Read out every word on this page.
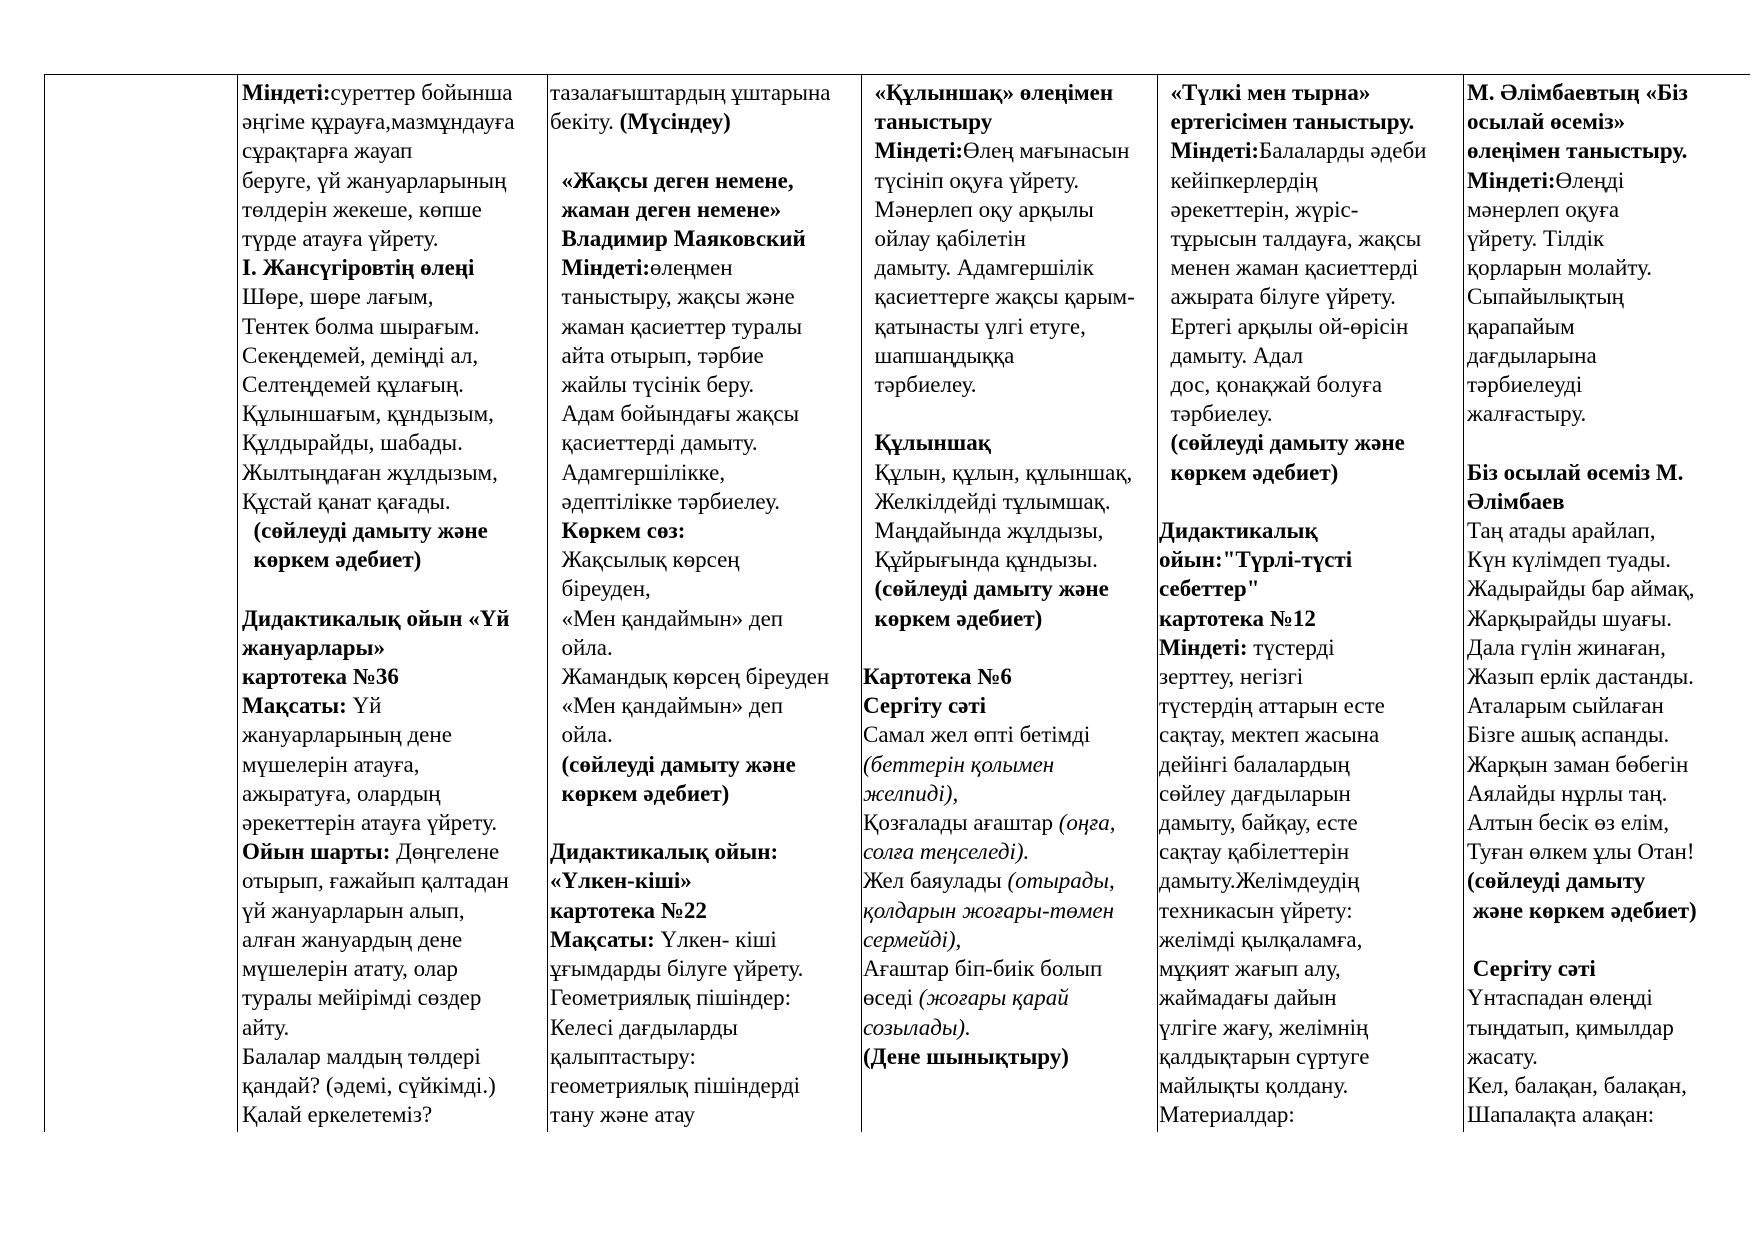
Міндеті:суреттер бойынша
әңгіме құрауға,мазмұндауға
сұрақтарға жауап
беруге, үй жануарларының
төлдерін жекеше, көпше
түрде атауға үйрету.
І. Жансүгіровтің өлеңі
Шөре, шөре лағым,
Тентек болма шырағым.
Секеңдемей, деміңді ал,
Селтеңдемей құлағың.
Құлыншағым, құндызым,
Құлдырайды, шабады.
Жылтыңдаған жұлдызым,
Құстай қанат қағады.
(сөйлеуді дамыту және
көркем әдебиет)

Дидактикалық ойын «Үй
жануарлары»
картотека №36
Мақсаты: Үй
жануарларының дене
мүшелерін атауға,
ажыратуға, олардың
әрекеттерін атауға үйрету.
Ойын шарты: Дөңгелене
отырып, ғажайып қалтадан
үй жануарларын алып,
алған жануардың дене
мүшелерін атату, олар
туралы мейірімді сөздер
айту.
Балалар малдың төлдері
қандай? (әдемі, сүйкімді.)
Қалай еркелетеміз?
тазалағыштардың ұштарына
бекіту. (Мүсіндеу)

«Жақсы деген немене,
жаман деген немене»
Владимир Маяковский
Міндеті:өлеңмен
таныстыру, жақсы және
жаман қасиеттер туралы
айта отырып, тәрбие
жайлы түсінік беру.
Адам бойындағы жақсы
қасиеттерді дамыту.
Адамгершілікке,
әдептілікке тәрбиелеу.
Көркем сөз:
Жақсылық көрсең
біреуден,
«Мен қандаймын» деп
ойла.
Жамандық көрсең біреуден
«Мен қандаймын» деп
ойла.
(сөйлеуді дамыту және
көркем әдебиет)

Дидактикалық ойын:
«Үлкен-кіші»
картотека №22
Мақсаты: Үлкен- кіші
ұғымдарды білуге үйрету.
Геометриялық пішіндер:
Келесі дағдыларды
қалыптастыру:
геометриялық пішіндерді
тану және атау
«Құлыншақ» өлеңімен
таныстыру
Міндеті:Өлең мағынасын
түсініп оқуға үйрету.
Мәнерлеп оқу арқылы
ойлау қабілетін
дамыту. Адамгершілік
қасиеттерге жақсы қарым-
қатынасты үлгі етуге,
шапшаңдыққа
тәрбиелеу.

Құлыншақ
Құлын, құлын, құлыншақ,
Желкілдейді тұлымшақ.
Маңдайында жұлдызы,
Құйрығында құндызы.
(сөйлеуді дамыту және
көркем әдебиет)

Картотека №6
Сергіту сәті
Самал жел өпті бетімді
(беттерін қолымен
желпиді),
Қозғалады ағаштар (оңға,
солға теңселеді).
Жел баяулады (отырады,
қолдарын жоғары-төмен
сермейді),
Ағаштар біп-биік болып
өседі (жоғары қарай
созылады).
(Дене шынықтыру)
«Түлкі мен тырна»
ертегісімен таныстыру.
Міндеті:Балаларды әдеби
кейіпкерлердің
әрекеттерін, жүріс-
тұрысын талдауға, жақсы
менен жаман қасиеттерді
ажырата білуге үйрету.
Ертегі арқылы ой-өрісін
дамыту. Адал
дос, қонақжай болуға
тәрбиелеу.
(сөйлеуді дамыту және
көркем әдебиет)

Дидактикалық
ойын:"Түрлі-түсті
себеттер"
картотека №12
Міндеті: түстерді
зерттеу, негізгі
түстердің аттарын есте
сақтау, мектеп жасына
дейінгі балалардың
сөйлеу дағдыларын
дамыту, байқау, есте
сақтау қабілеттерін
дамыту.Желімдеудің
техникасын үйрету:
желімді қылқаламға,
мұқият жағып алу,
жаймадағы дайын
үлгіге жағу, желімнің
қалдықтарын сүртуге
майлықты қолдану.
Материалдар:
М. Әлімбаевтың «Біз
осылай өсеміз»
өлеңімен таныстыру.
Міндеті:Өлеңді
мәнерлеп оқуға
үйрету. Тілдік
қорларын молайту.
Сыпайылықтың
қарапайым
дағдыларына
тәрбиелеуді
жалғастыру.

Біз осылай өсеміз М.
Әлімбаев
Таң атады арайлап,
Күн күлімдеп туады.
Жадырайды бар аймақ,
Жарқырайды шуағы.
Дала гүлін жинаған,
Жазып ерлік дастанды.
Аталарым сыйлаған
Бізге ашық аспанды.
Жарқын заман бөбегін
Аялайды нұрлы таң.
Алтын бесік өз елім,
Туған өлкем ұлы Отан!
(сөйлеуді дамыту
және көркем әдебиет)

Сергіту сәті
Үнтаспадан өлеңді
тыңдатып, қимылдар
жасату.
Кел, балақан, балақан,
Шапалақта алақан:
